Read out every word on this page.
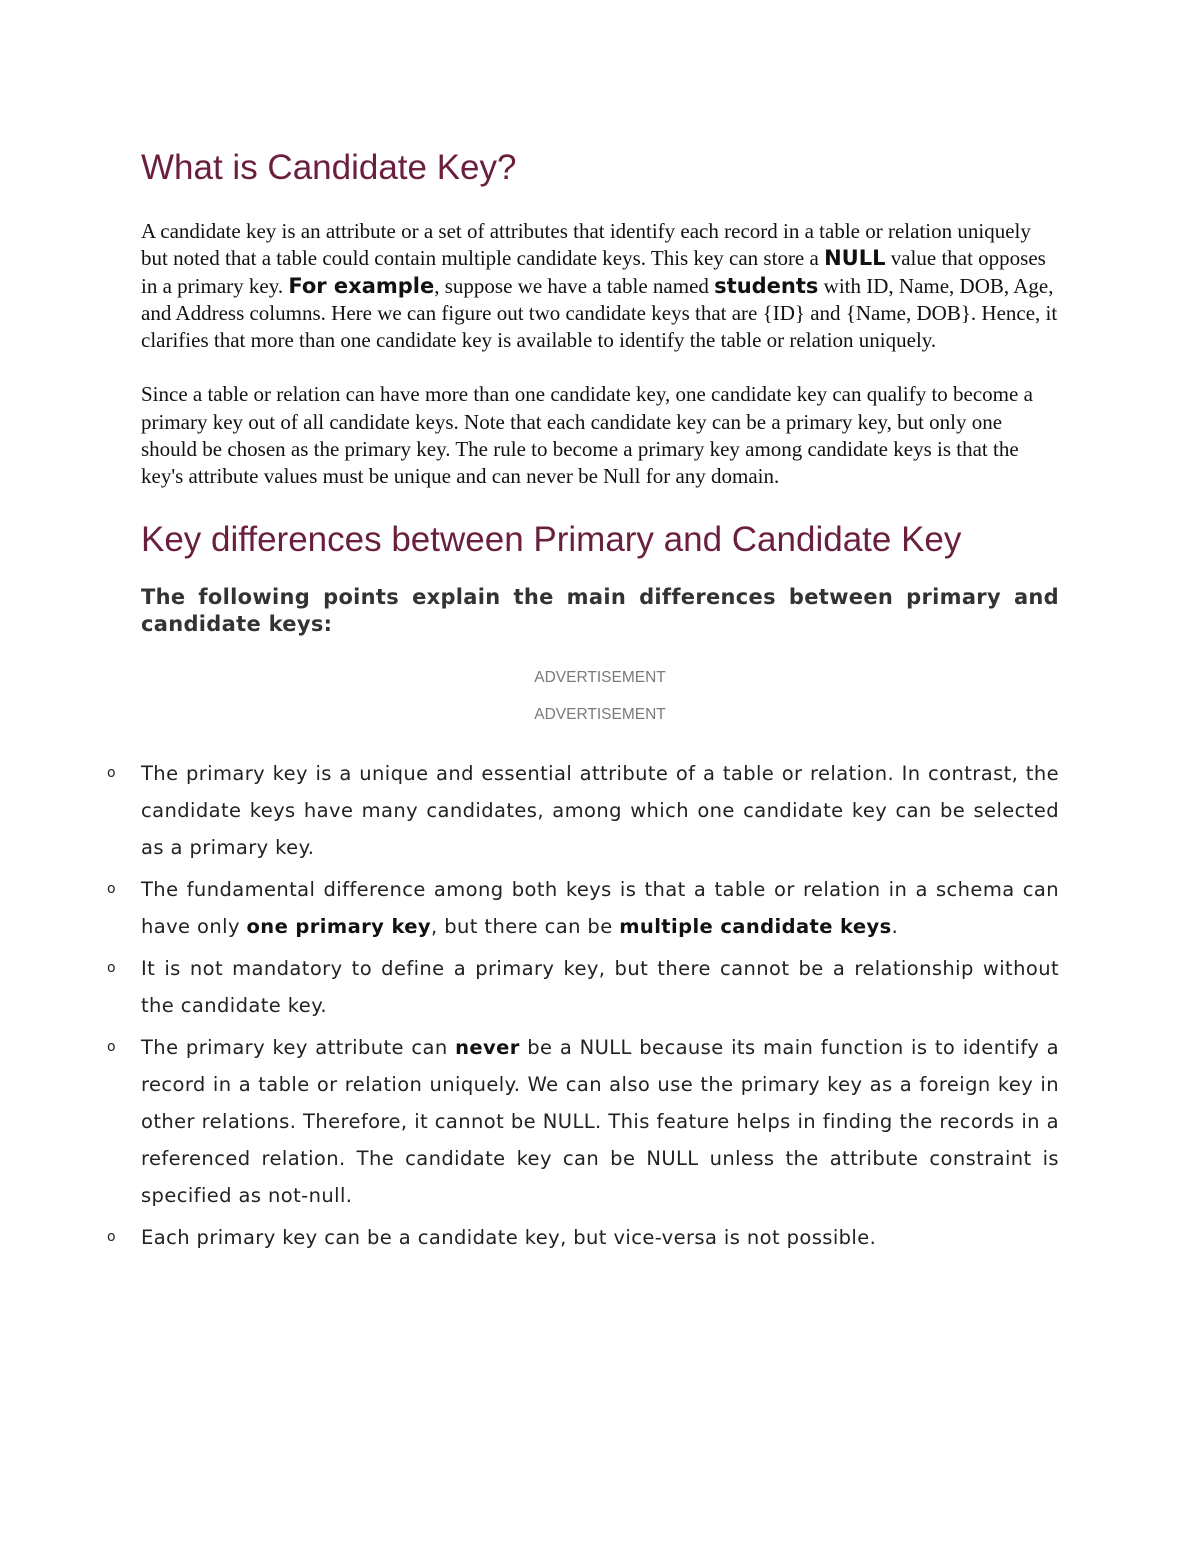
What is Candidate Key?

A candidate key is an attribute or a set of attributes that identify each record in a table or relation uniquely but noted that a table could contain multiple candidate keys. This key can store a NULL value that opposes in a primary key. For example, suppose we have a table named students with ID, Name, DOB, Age, and Address columns. Here we can figure out two candidate keys that are {ID} and {Name, DOB}. Hence, it clarifies that more than one candidate key is available to identify the table or relation uniquely.

Since a table or relation can have more than one candidate key, one candidate key can qualify to become a primary key out of all candidate keys. Note that each candidate key can be a primary key, but only one should be chosen as the primary key. The rule to become a primary key among candidate keys is that the key's attribute values must be unique and can never be Null for any domain.

Key differences between Primary and Candidate Key

The following points explain the main differences between primary and candidate keys:

ADVERTISEMENT
ADVERTISEMENT
o The primary key is a unique and essential attribute of a table or relation. In contrast, the candidate keys have many candidates, among which one candidate key can be selected as a primary key.
o The fundamental difference among both keys is that a table or relation in a schema can have only one primary key, but there can be multiple candidate keys.
o It is not mandatory to define a primary key, but there cannot be a relationship without the candidate key.
o The primary key attribute can never be a NULL because its main function is to identify a record in a table or relation uniquely. We can also use the primary key as a foreign key in other relations. Therefore, it cannot be NULL. This feature helps in finding the records in a referenced relation. The candidate key can be NULL unless the attribute constraint is specified as not-null.
o Each primary key can be a candidate key, but vice-versa is not possible.
